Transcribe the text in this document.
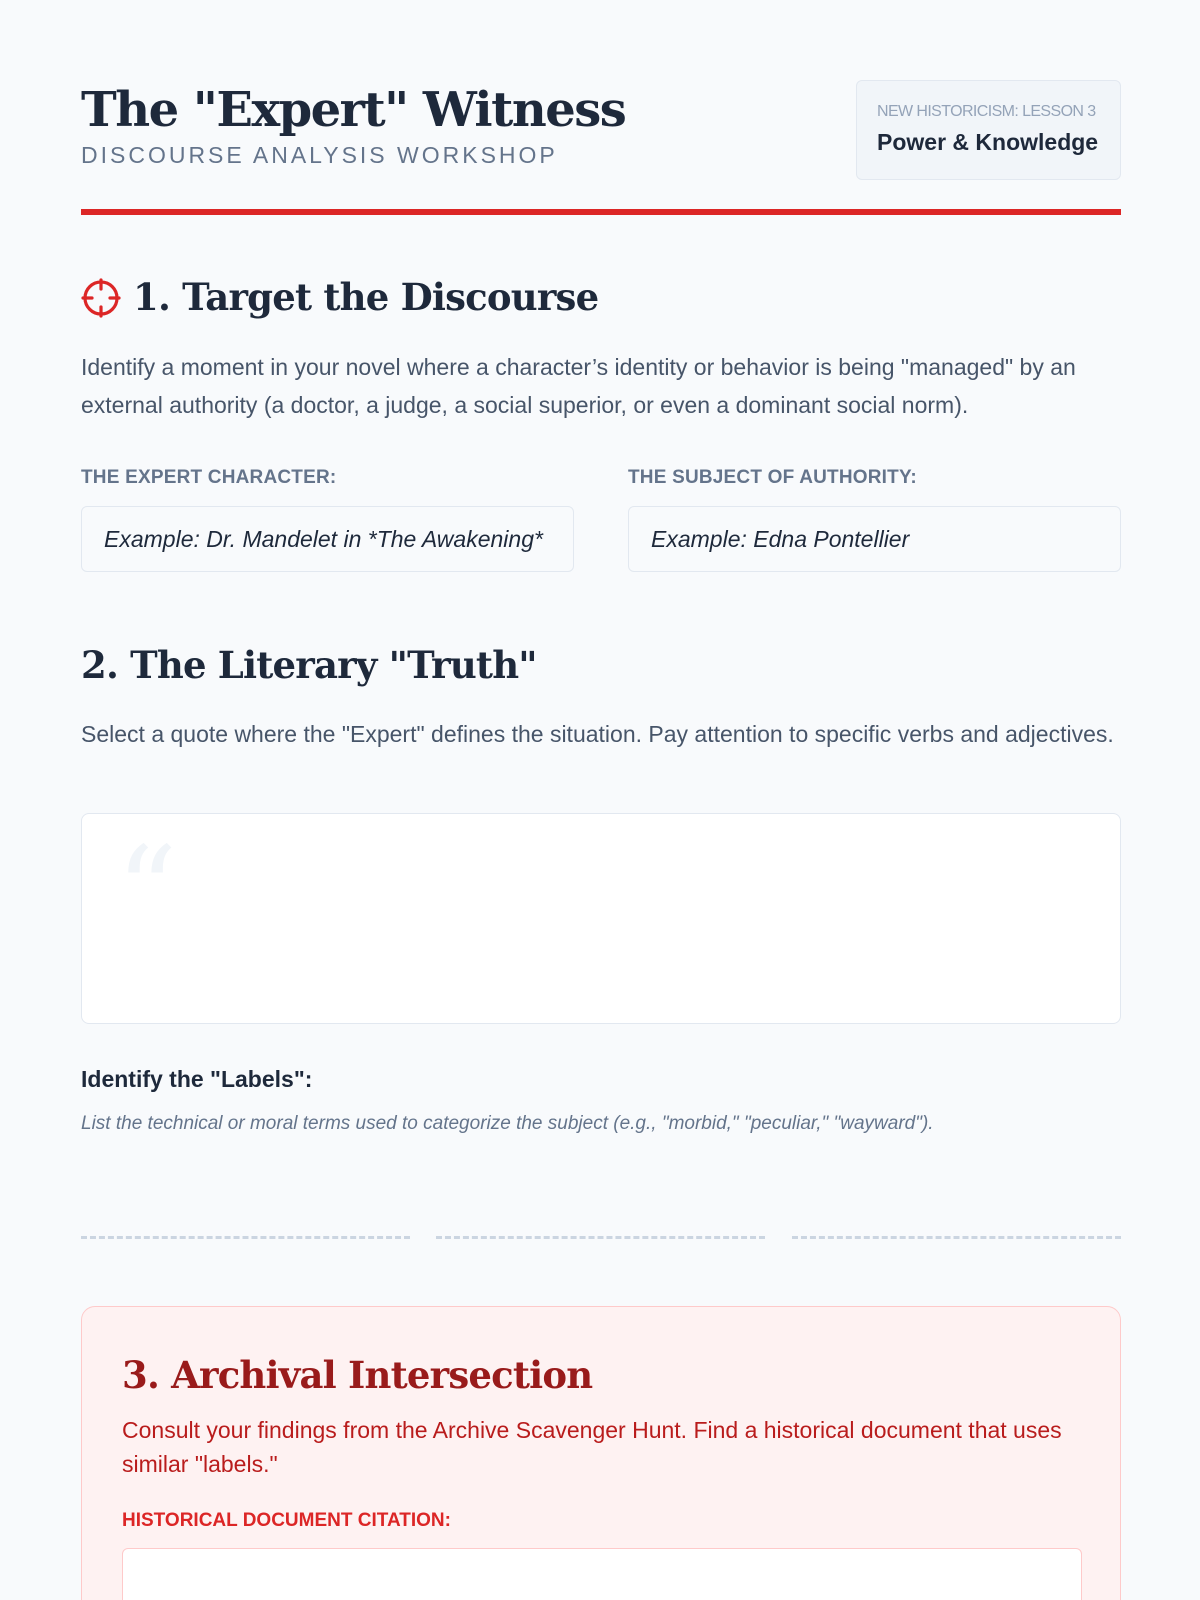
The "Expert" Witness
DISCOURSE ANALYSIS WORKSHOP
NEW HISTORICISM: LESSON 3
Power & Knowledge
1. Target the Discourse

Identify a moment in your novel where a character’s identity or behavior is being "managed" by an external authority (a doctor, a judge, a social superior, or even a dominant social norm).

THE EXPERT CHARACTER:
Example: Dr. Mandelet in *The Awakening*
THE SUBJECT OF AUTHORITY:
Example: Edna Pontellier
2. The Literary "Truth"

Select a quote where the "Expert" defines the situation. Pay attention to specific verbs and adjectives.

“
Identify the "Labels":
List the technical or moral terms used to categorize the subject (e.g., "morbid," "peculiar," "wayward").
3. Archival Intersection

Consult your findings from the Archive Scavenger Hunt. Find a historical document that uses similar "labels."

HISTORICAL DOCUMENT CITATION:
